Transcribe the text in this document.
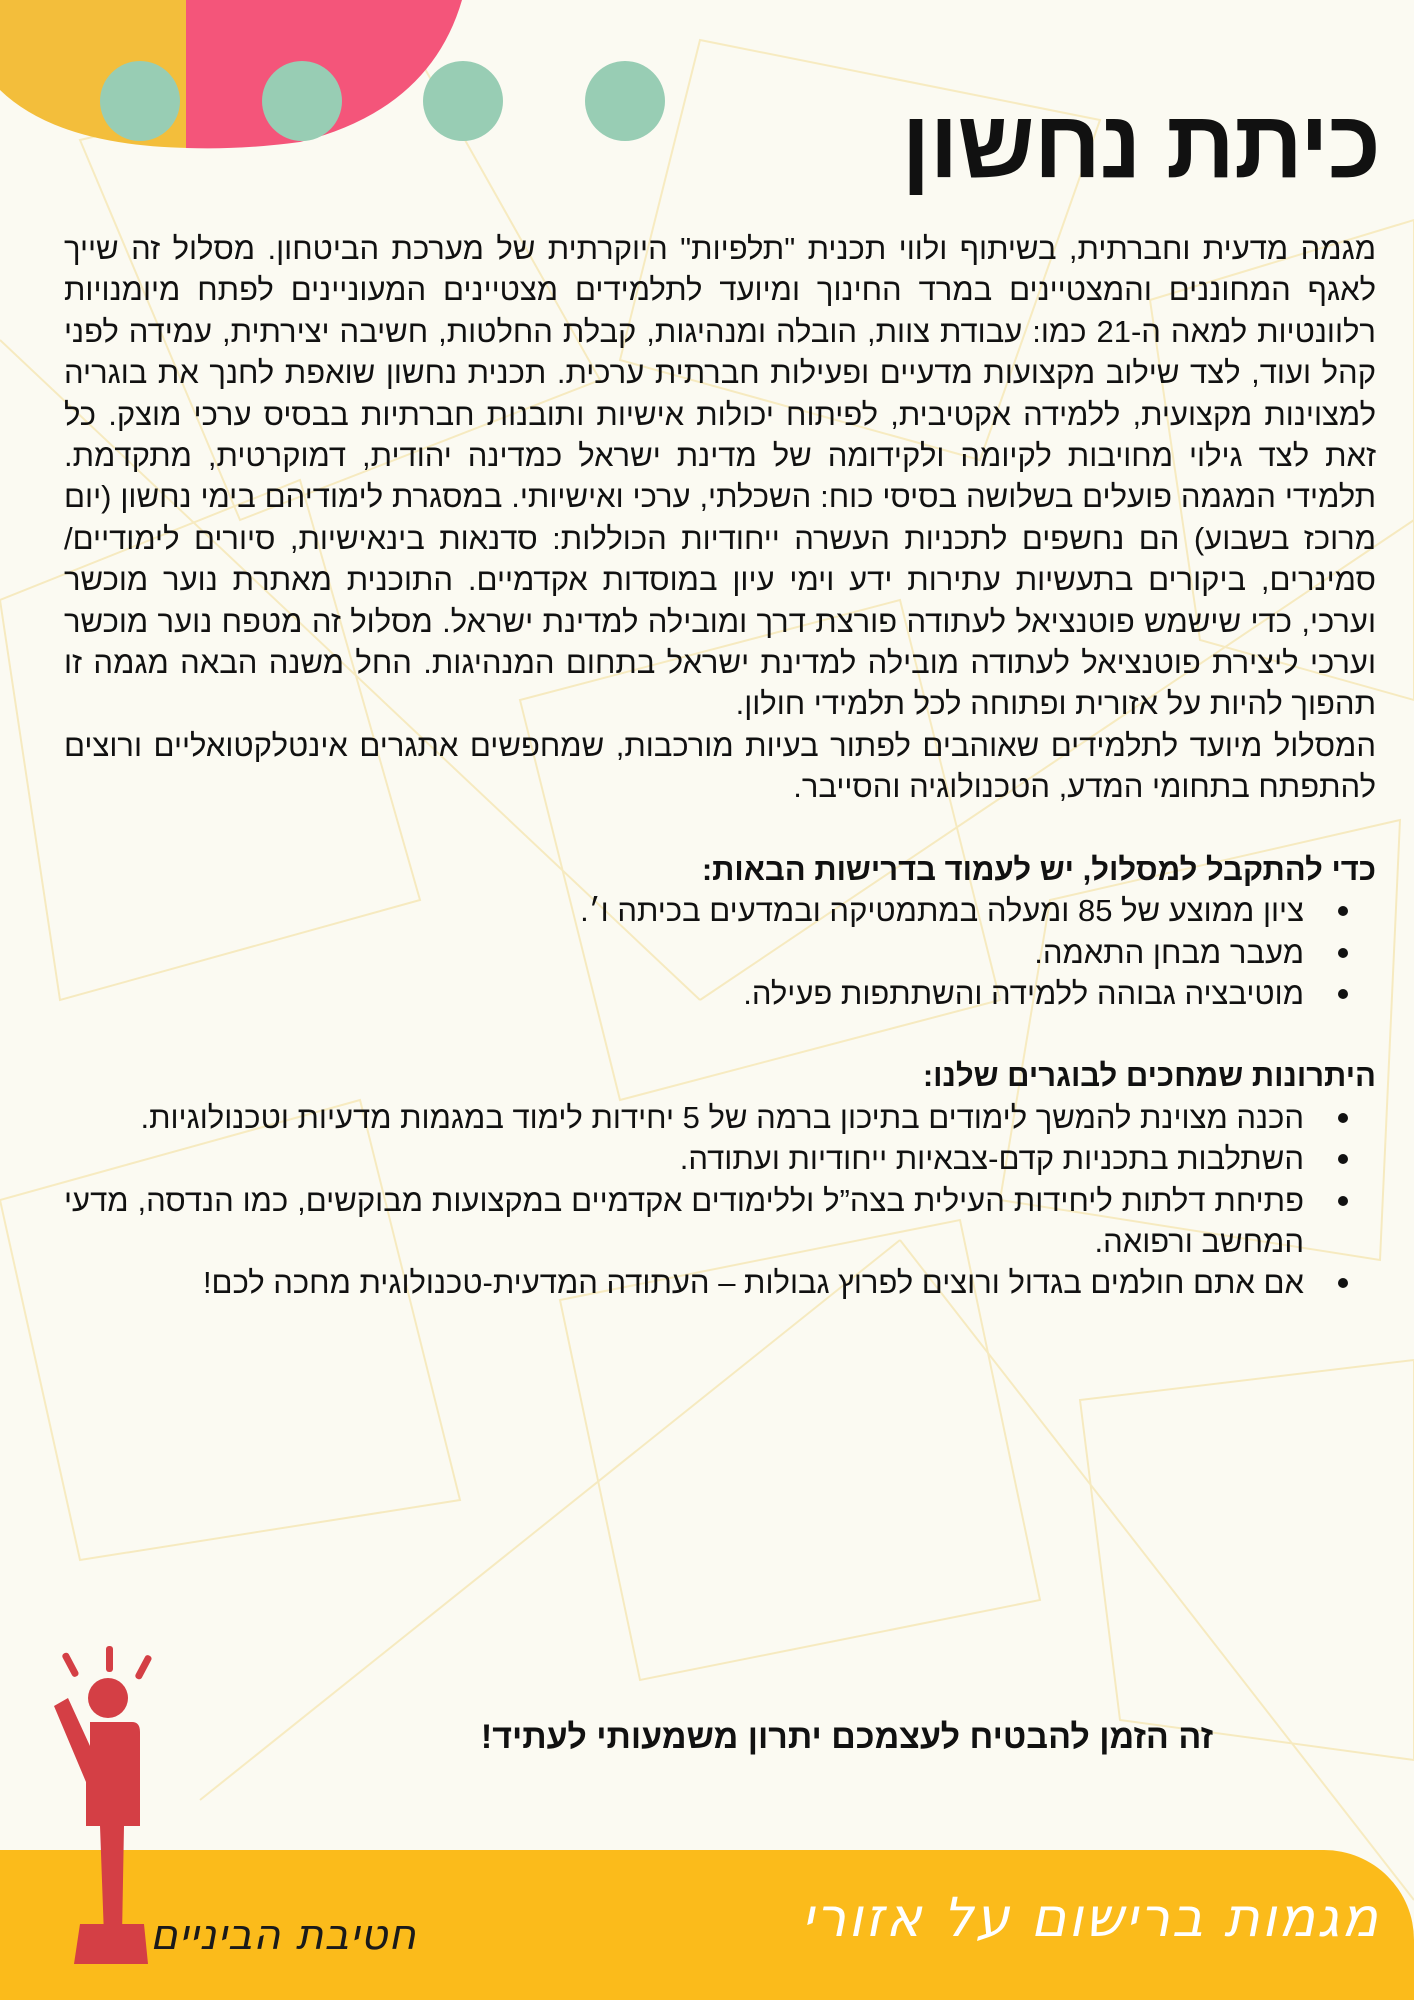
כיתת נחשון

מגמה מדעית וחברתית, בשיתוף ולווי תכנית "תלפיות" היוקרתית של מערכת הביטחון. מסלול זה שייך לאגף המחוננים והמצטיינים במרד החינוך ומיועד לתלמידים מצטיינים המעוניינים לפתח מיומנויות רלוונטיות למאה ה-21 כמו: עבודת צוות, הובלה ומנהיגות, קבלת החלטות, חשיבה יצירתית, עמידה לפני קהל ועוד, לצד שילוב מקצועות מדעיים ופעילות חברתית ערכית. תכנית נחשון שואפת לחנך את בוגריה למצוינות מקצועית, ללמידה אקטיבית, לפיתוח יכולות אישיות ותובנות חברתיות בבסיס ערכי מוצק. כל זאת לצד גילוי מחויבות לקיומה ולקידומה של מדינת ישראל כמדינה יהודית, דמוקרטית, מתקדמת. תלמידי המגמה פועלים בשלושה בסיסי כוח: השכלתי, ערכי ואישיותי. במסגרת לימודיהם בימי נחשון (יום מרוכז בשבוע) הם נחשפים לתכניות העשרה ייחודיות הכוללות: סדנאות בינאישיות, סיורים לימודיים/ סמינרים, ביקורים בתעשיות עתירות ידע וימי עיון במוסדות אקדמיים. התוכנית מאתרת נוער מוכשר וערכי, כדי שישמש פוטנציאל לעתודה פורצת דרך ומובילה למדינת ישראל. מסלול זה מטפח נוער מוכשר וערכי ליצירת פוטנציאל לעתודה מובילה למדינת ישראל בתחום המנהיגות. החל משנה הבאה מגמה זו תהפוך להיות על אזורית ופתוחה לכל תלמידי חולון.

המסלול מיועד לתלמידים שאוהבים לפתור בעיות מורכבות, שמחפשים אתגרים אינטלקטואליים ורוצים להתפתח בתחומי המדע, הטכנולוגיה והסייבר.

כדי להתקבל למסלול, יש לעמוד בדרישות הבאות:
ציון ממוצע של 85 ומעלה במתמטיקה ובמדעים בכיתה ו׳.
מעבר מבחן התאמה.
מוטיבציה גבוהה ללמידה והשתתפות פעילה.
היתרונות שמחכים לבוגרים שלנו:
הכנה מצוינת להמשך לימודים בתיכון ברמה של 5 יחידות לימוד במגמות מדעיות וטכנולוגיות.
השתלבות בתכניות קדם-צבאיות ייחודיות ועתודה.
פתיחת דלתות ליחידות העילית בצה”ל וללימודים אקדמיים במקצועות מבוקשים, כמו הנדסה, מדעי המחשב ורפואה.
אם אתם חולמים בגדול ורוצים לפרוץ גבולות – העתודה המדעית-טכנולוגית מחכה לכם!
זה הזמן להבטיח לעצמכם יתרון משמעותי לעתיד!
מגמות ברישום על אזורי
חטיבת הביניים
